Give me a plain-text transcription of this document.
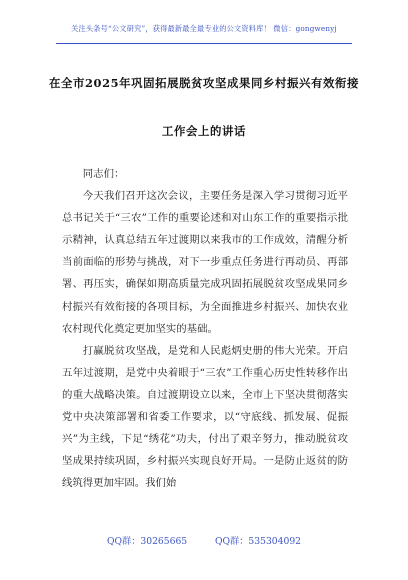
关注头条号“公文研究”，获得最新最全最专业的公文资料库！ 微信：gongwenyj
在全市2025年巩固拓展脱贫攻坚成果同乡村振兴有效衔接
工作会上的讲话

同志们：

今天我们召开这次会议，主要任务是深入学习贯彻习近平总书记关于“三农”工作的重要论述和对山东工作的重要指示批示精神，认真总结五年过渡期以来我市的工作成效，清醒分析当前面临的形势与挑战，对下一步重点任务进行再动员、再部署、再压实，确保如期高质量完成巩固拓展脱贫攻坚成果同乡村振兴有效衔接的各项目标，为全面推进乡村振兴、加快农业农村现代化奠定更加坚实的基础。

打赢脱贫攻坚战，是党和人民彪炳史册的伟大光荣。开启五年过渡期，是党中央着眼于“三农”工作重心历史性转移作出的重大战略决策。自过渡期设立以来，全市上下坚决贯彻落实党中央决策部署和省委工作要求，以“守底线、抓发展、促振兴”为主线，下足“绣花”功夫，付出了艰辛努力，推动脱贫攻坚成果持续巩固，乡村振兴实现良好开局。一是防止返贫的防线筑得更加牢固。我们始

QQ群：30265665	QQ群：535304092
